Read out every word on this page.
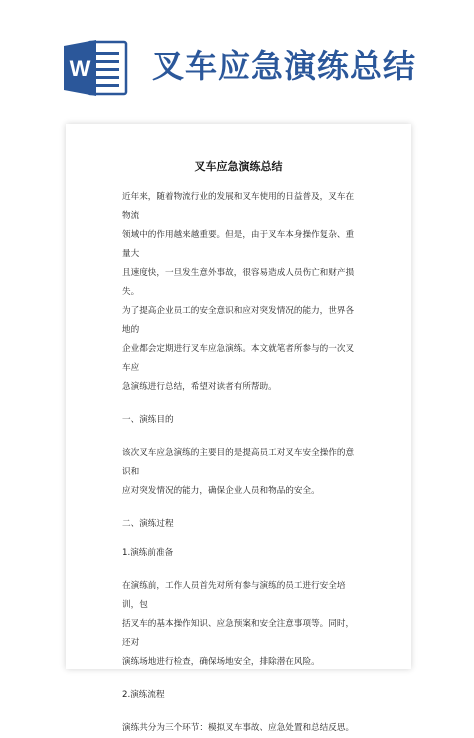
W 叉车应急演练总结
叉车应急演练总结

近年来，随着物流行业的发展和叉车使用的日益普及，叉车在物流

领域中的作用越来越重要。但是，由于叉车本身操作复杂、重量大

且速度快，一旦发生意外事故，很容易造成人员伤亡和财产损失。

为了提高企业员工的安全意识和应对突发情况的能力，世界各地的

企业都会定期进行叉车应急演练。本文就笔者所参与的一次叉车应

急演练进行总结，希望对读者有所帮助。

一、演练目的

该次叉车应急演练的主要目的是提高员工对叉车安全操作的意识和

应对突发情况的能力，确保企业人员和物品的安全。

二、演练过程

1.演练前准备

在演练前，工作人员首先对所有参与演练的员工进行安全培训，包

括叉车的基本操作知识、应急预案和安全注意事项等。同时，还对

演练场地进行检查，确保场地安全，排除潜在风险。

2.演练流程

演练共分为三个环节：模拟叉车事故、应急处置和总结反思。
